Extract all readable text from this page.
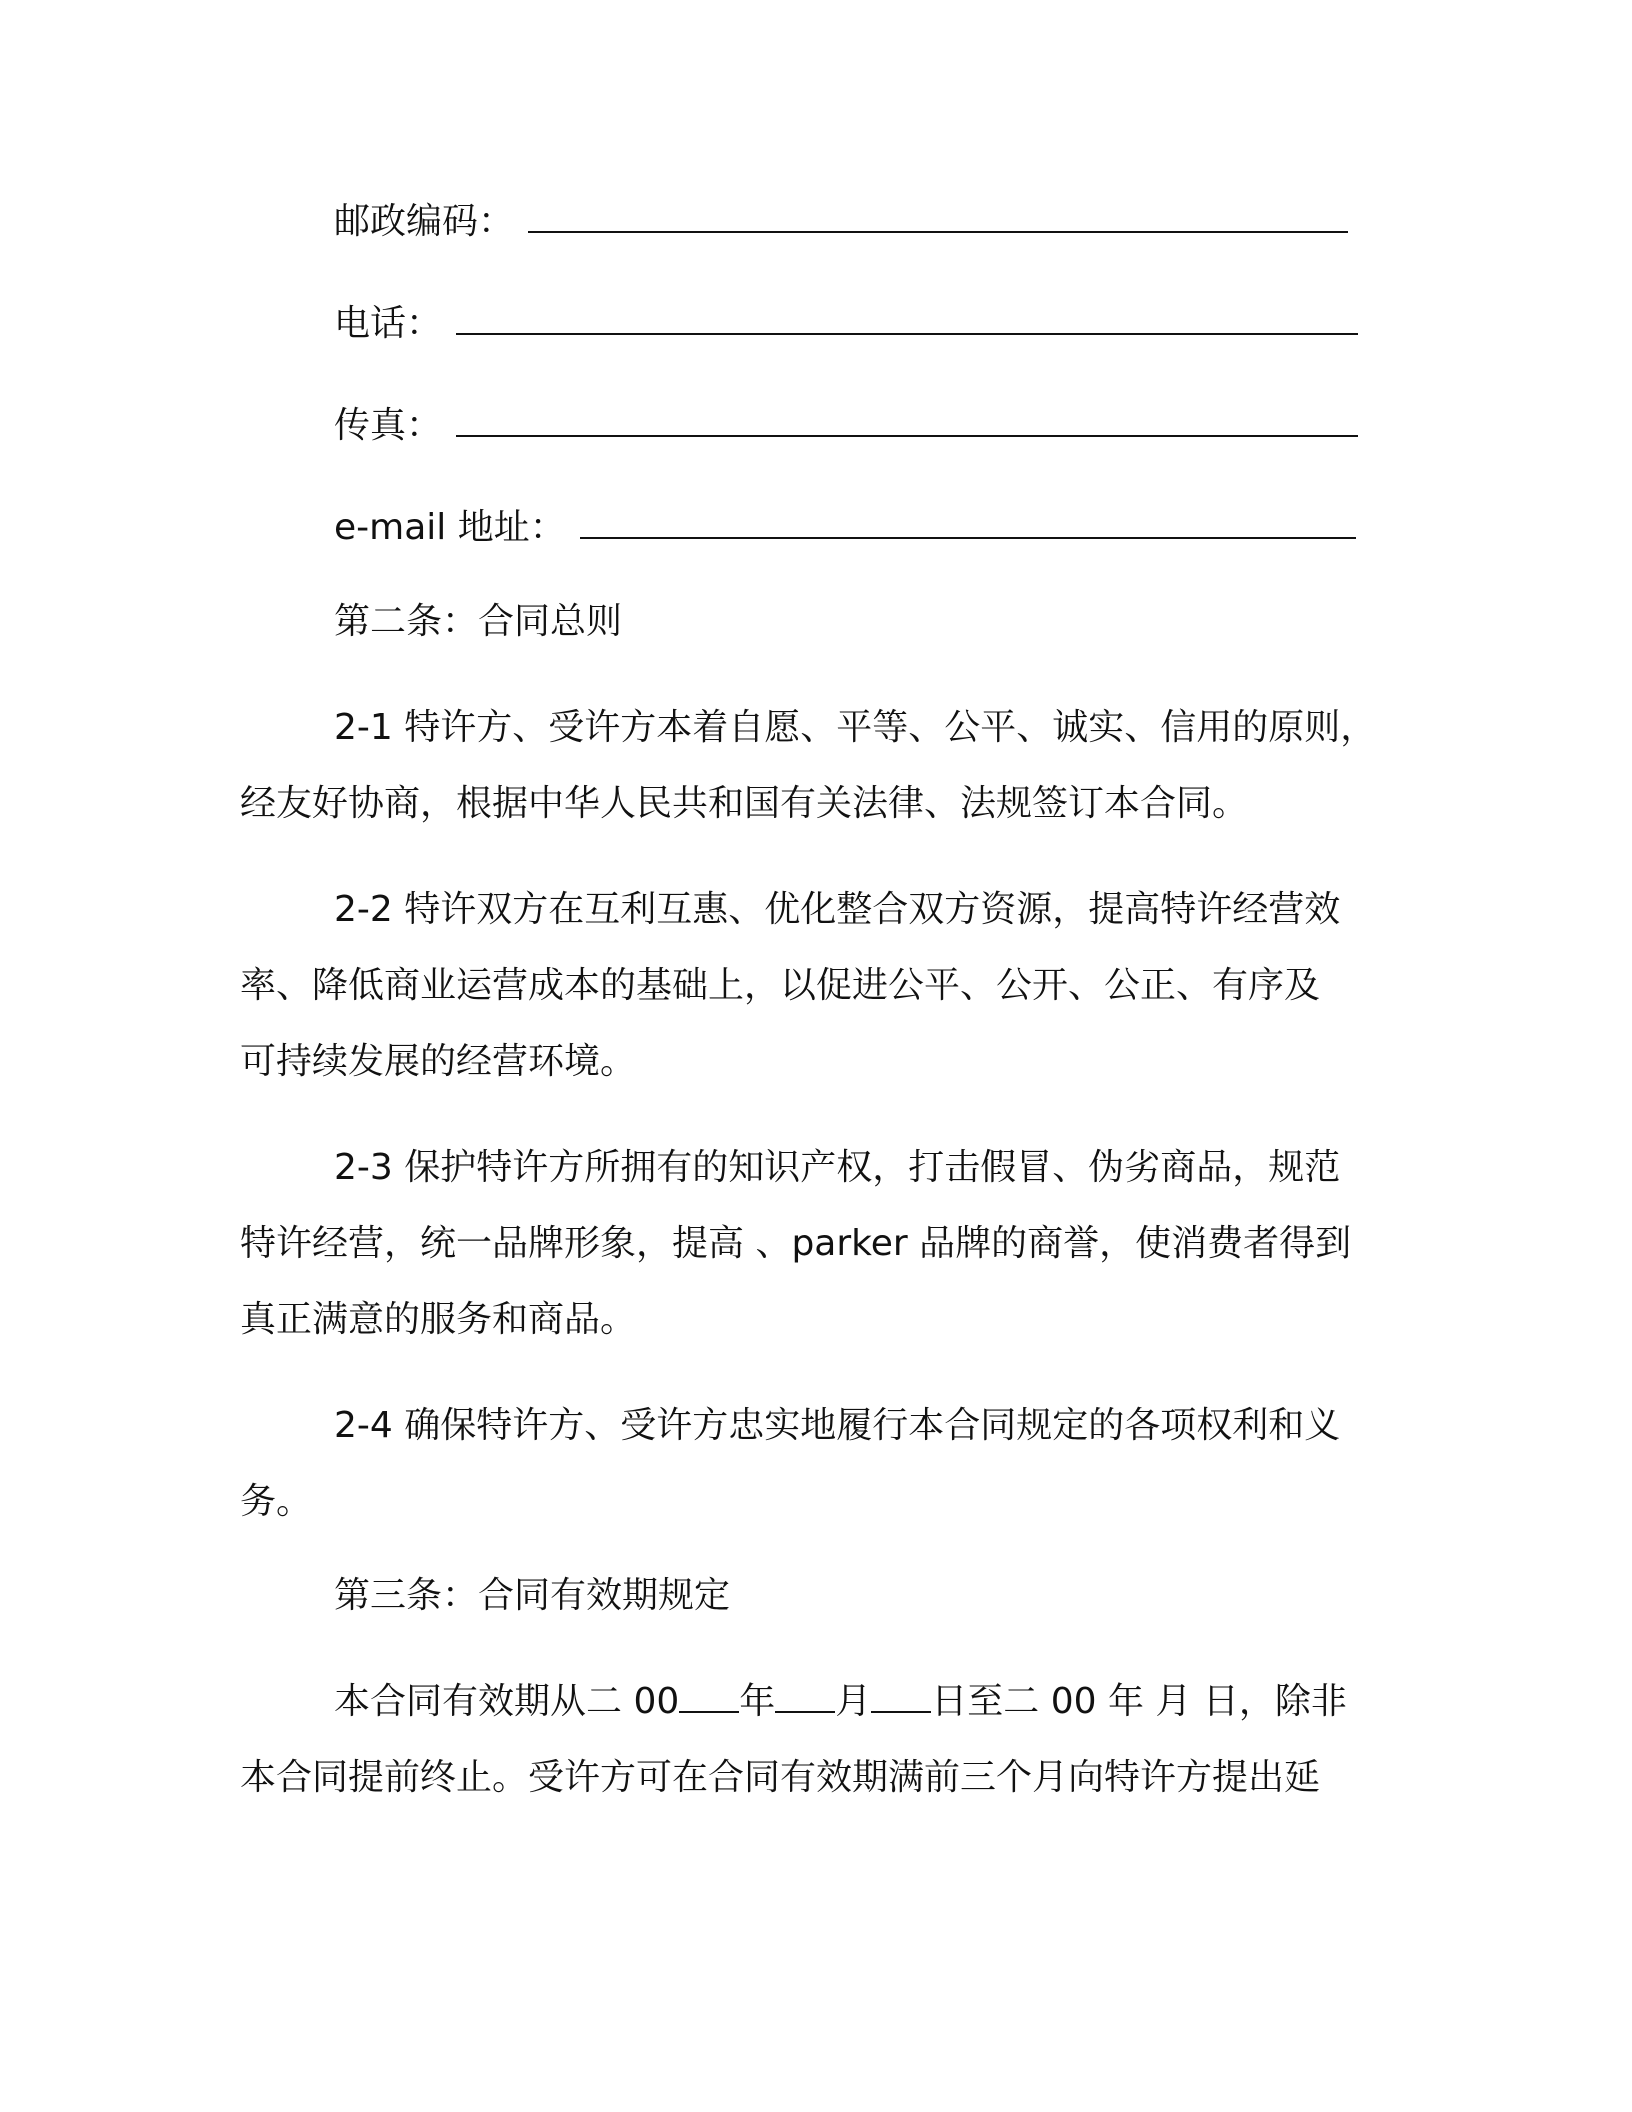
邮政编码：
电话：
传真：
e-mail 地址：
第二条：合同总则
2-1 特许方、受许方本着自愿、平等、公平、诚实、信用的原则，
经友好协商，根据中华人民共和国有关法律、法规签订本合同。
2-2 特许双方在互利互惠、优化整合双方资源，提高特许经营效
率、降低商业运营成本的基础上，以促进公平、公开、公正、有序及
可持续发展的经营环境。
2-3 保护特许方所拥有的知识产权，打击假冒、伪劣商品，规范
特许经营，统一品牌形象，提高 、parker 品牌的商誉，使消费者得到
真正满意的服务和商品。
2-4 确保特许方、受许方忠实地履行本合同规定的各项权利和义
务。
第三条：合同有效期规定
本合同有效期从二 00 年 月 日至二 00 年 月 日，除非
本合同提前终止。受许方可在合同有效期满前三个月向特许方提出延
